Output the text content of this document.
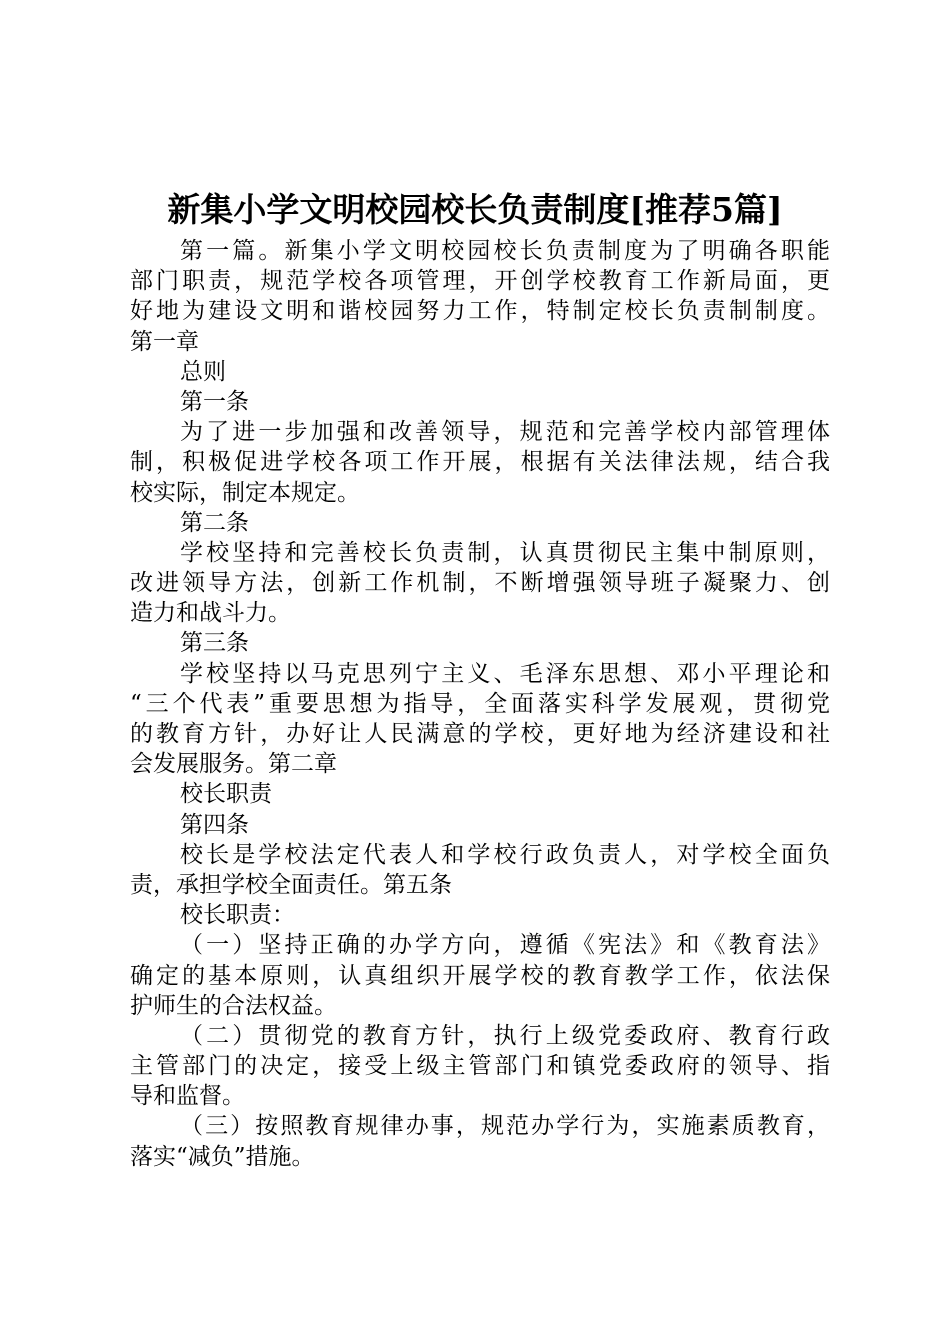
新集小学文明校园校长负责制度[推荐5篇]
第一篇。新集小学文明校园校长负责制度为了明确各职能
部门职责，规范学校各项管理，开创学校教育工作新局面，更
好地为建设文明和谐校园努力工作，特制定校长负责制制度。
第一章
总则
第一条
为了进一步加强和改善领导，规范和完善学校内部管理体
制，积极促进学校各项工作开展，根据有关法律法规，结合我
校实际，制定本规定。
第二条
学校坚持和完善校长负责制，认真贯彻民主集中制原则，
改进领导方法，创新工作机制，不断增强领导班子凝聚力、创
造力和战斗力。
第三条
学校坚持以马克思列宁主义、毛泽东思想、邓小平理论和
“三个代表”重要思想为指导，全面落实科学发展观，贯彻党
的教育方针，办好让人民满意的学校，更好地为经济建设和社
会发展服务。第二章
校长职责
第四条
校长是学校法定代表人和学校行政负责人，对学校全面负
责，承担学校全面责任。第五条
校长职责：
（一）坚持正确的办学方向，遵循《宪法》和《教育法》
确定的基本原则，认真组织开展学校的教育教学工作，依法保
护师生的合法权益。
（二）贯彻党的教育方针，执行上级党委政府、教育行政
主管部门的决定，接受上级主管部门和镇党委政府的领导、指
导和监督。
（三）按照教育规律办事，规范办学行为，实施素质教育，
落实“减负”措施。
